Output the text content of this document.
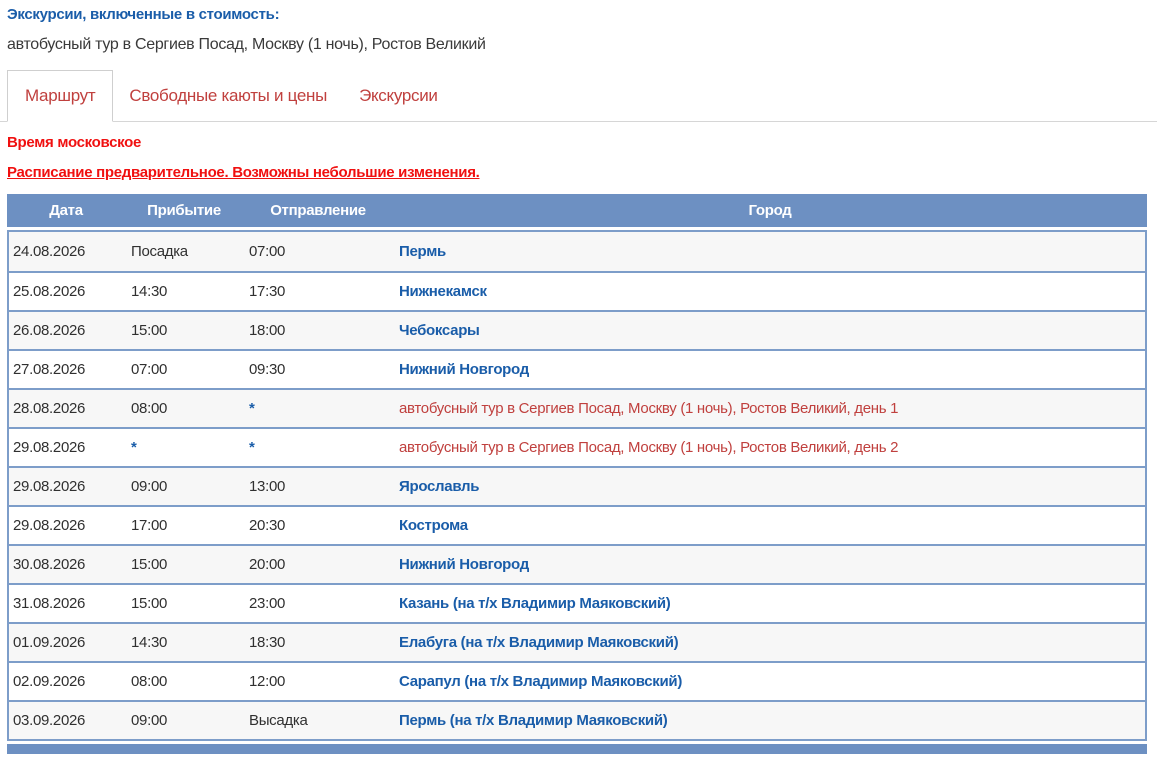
Экскурсии, включенные в стоимость:
автобусный тур в Сергиев Посад, Москву (1 ночь), Ростов Великий
Маршрут	Свободные каюты и цены	Экскурсии
Время московское
Расписание предварительное. Возможны небольшие изменения.
Дата	Прибытие	Отправление	Город
24.08.2026	Посадка	07:00	Пермь
25.08.2026	14:30	17:30	Нижнекамск
26.08.2026	15:00	18:00	Чебоксары
27.08.2026	07:00	09:30	Нижний Новгород
28.08.2026	08:00	*	автобусный тур в Сергиев Посад, Москву (1 ночь), Ростов Великий, день 1
29.08.2026	*	*	автобусный тур в Сергиев Посад, Москву (1 ночь), Ростов Великий, день 2
29.08.2026	09:00	13:00	Ярославль
29.08.2026	17:00	20:30	Кострома
30.08.2026	15:00	20:00	Нижний Новгород
31.08.2026	15:00	23:00	Казань (на т/х Владимир Маяковский)
01.09.2026	14:30	18:30	Елабуга (на т/х Владимир Маяковский)
02.09.2026	08:00	12:00	Сарапул (на т/х Владимир Маяковский)
03.09.2026	09:00	Высадка	Пермь (на т/х Владимир Маяковский)
